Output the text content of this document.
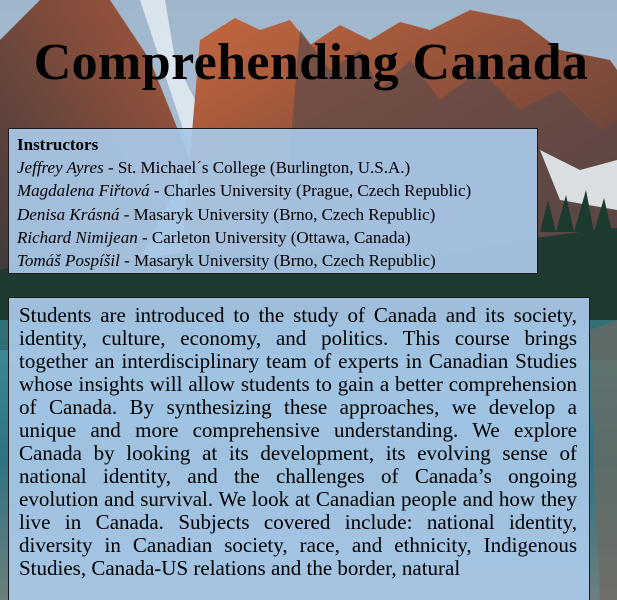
Comprehending Canada
Instructors
Jeffrey Ayres - St. Michael´s College (Burlington, U.S.A.)
Magdalena Fiřtová - Charles University (Prague, Czech Republic)
Denisa Krásná - Masaryk University (Brno, Czech Republic)
Richard Nimijean - Carleton University (Ottawa, Canada)
Tomáš Pospíšil - Masaryk University (Brno, Czech Republic)
Students are introduced to the study of Canada and its society, identity, culture, economy, and politics. This course brings together an interdisciplinary team of experts in Canadian Studies whose insights will allow students to gain a better comprehension of Canada. By synthesizing these approaches, we develop a unique and more comprehensive understanding. We explore Canada by looking at its development, its evolving sense of national identity, and the challenges of Canada’s ongoing evolution and survival. We look at Canadian people and how they live in Canada. Subjects covered include: national identity, diversity in Canadian society, race, and ethnicity, Indigenous Studies, Canada-US relations and the border, natural
